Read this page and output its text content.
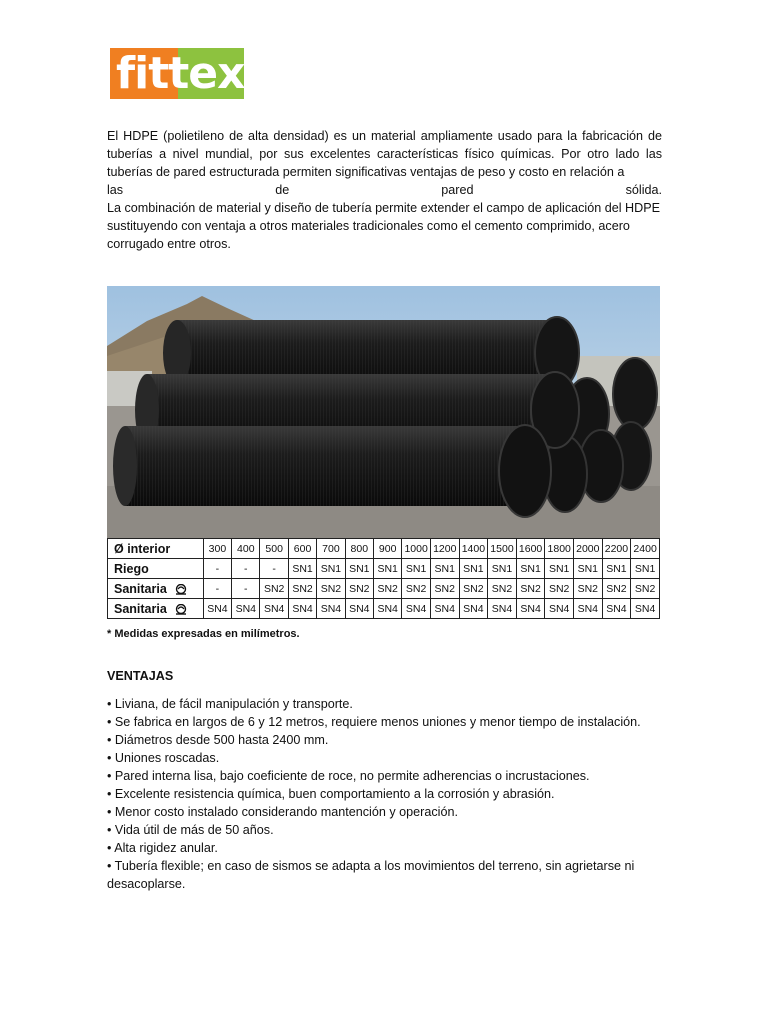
fittex

El HDPE (polietileno de alta densidad) es un material ampliamente usado para la fabricación de tuberías a nivel mundial, por sus excelentes características físico químicas. Por otro lado las tuberías de pared estructurada permiten significativas ventajas de peso y costo en relación a
las de pared sólida.

La combinación de material y diseño de tubería permite extender el campo de aplicación del HDPE sustituyendo con ventaja a otros materiales tradicionales como el cemento comprimido, acero corrugado entre otros.

Ø interior	300	400	500	600	700	800	900	1000	1200	1400	1500	1600	1800	2000	2200	2400
Riego	-	-	-	SN1	SN1	SN1	SN1	SN1	SN1	SN1	SN1	SN1	SN1	SN1	SN1	SN1
Sanitaria	-	-	SN2	SN2	SN2	SN2	SN2	SN2	SN2	SN2	SN2	SN2	SN2	SN2	SN2	SN2
Sanitaria	SN4	SN4	SN4	SN4	SN4	SN4	SN4	SN4	SN4	SN4	SN4	SN4	SN4	SN4	SN4	SN4
* Medidas expresadas en milímetros.
VENTAJAS
• Liviana, de fácil manipulación y transporte.
• Se fabrica en largos de 6 y 12 metros, requiere menos uniones y menor tiempo de instalación.
• Diámetros desde 500 hasta 2400 mm.
• Uniones roscadas.
• Pared interna lisa, bajo coeficiente de roce, no permite adherencias o incrustaciones.
• Excelente resistencia química, buen comportamiento a la corrosión y abrasión.
• Menor costo instalado considerando mantención y operación.
• Vida útil de más de 50 años.
• Alta rigidez anular.
• Tubería flexible; en caso de sismos se adapta a los movimientos del terreno, sin agrietarse ni desacoplarse.
